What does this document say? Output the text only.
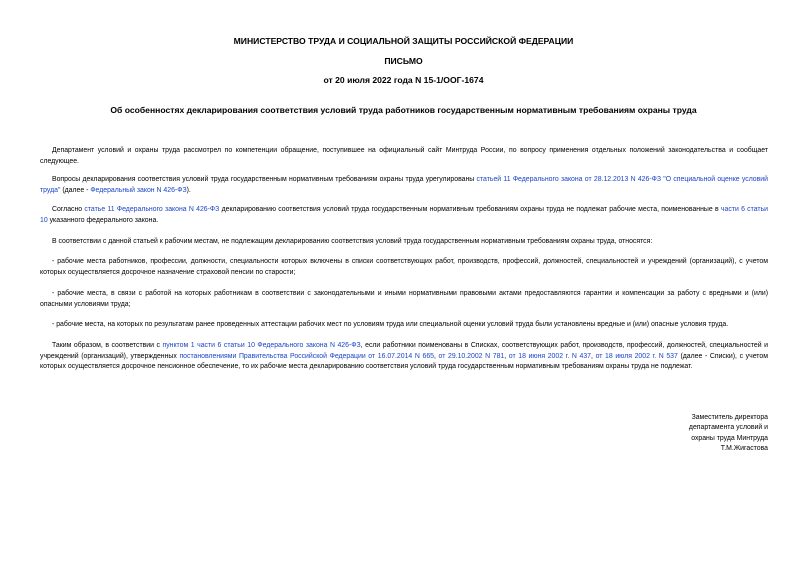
МИНИСТЕРСТВО ТРУДА И СОЦИАЛЬНОЙ ЗАЩИТЫ РОССИЙСКОЙ ФЕДЕРАЦИИ
ПИСЬМО
от 20 июля 2022 года N 15-1/ООГ-1674
Об особенностях декларирования соответствия условий труда работников государственным нормативным требованиям охраны труда
Департамент условий и охраны труда рассмотрел по компетенции обращение, поступившее на официальный сайт Минтруда России, по вопросу применения отдельных положений законодательства и сообщает следующее.
Вопросы декларирования соответствия условий труда государственным нормативным требованиям охраны труда урегулированы статьей 11 Федерального закона от 28.12.2013 N 426-ФЗ "О специальной оценке условий труда" (далее - Федеральный закон N 426-ФЗ).
Согласно статье 11 Федерального закона N 426-ФЗ декларированию соответствия условий труда государственным нормативным требованиям охраны труда не подлежат рабочие места, поименованные в части 6 статьи 10 указанного федерального закона.
В соответствии с данной статьей к рабочим местам, не подлежащим декларированию соответствия условий труда государственным нормативным требованиям охраны труда, относятся:
- рабочие места работников, профессии, должности, специальности которых включены в списки соответствующих работ, производств, профессий, должностей, специальностей и учреждений (организаций), с учетом которых осуществляется досрочное назначение страховой пенсии по старости;
- рабочие места, в связи с работой на которых работникам в соответствии с законодательными и иными нормативными правовыми актами предоставляются гарантии и компенсации за работу с вредными и (или) опасными условиями труда;
- рабочие места, на которых по результатам ранее проведенных аттестации рабочих мест по условиям труда или специальной оценки условий труда были установлены вредные и (или) опасные условия труда.
Таким образом, в соответствии с пунктом 1 части 6 статьи 10 Федерального закона N 426-ФЗ, если работники поименованы в Списках, соответствующих работ, производств, профессий, должностей, специальностей и учреждений (организаций), утвержденных постановлениями Правительства Российской Федерации от 16.07.2014 N 665, от 29.10.2002 N 781, от 18 июня 2002 г. N 437, от 18 июля 2002 г. N 537 (далее - Списки), с учетом которых осуществляется досрочное пенсионное обеспечение, то их рабочие места декларированию соответствия условий труда государственным нормативным требованиям охраны труда не подлежат.
Заместитель директора
департамента условий и
охраны труда Минтруда
Т.М.Жигастова
